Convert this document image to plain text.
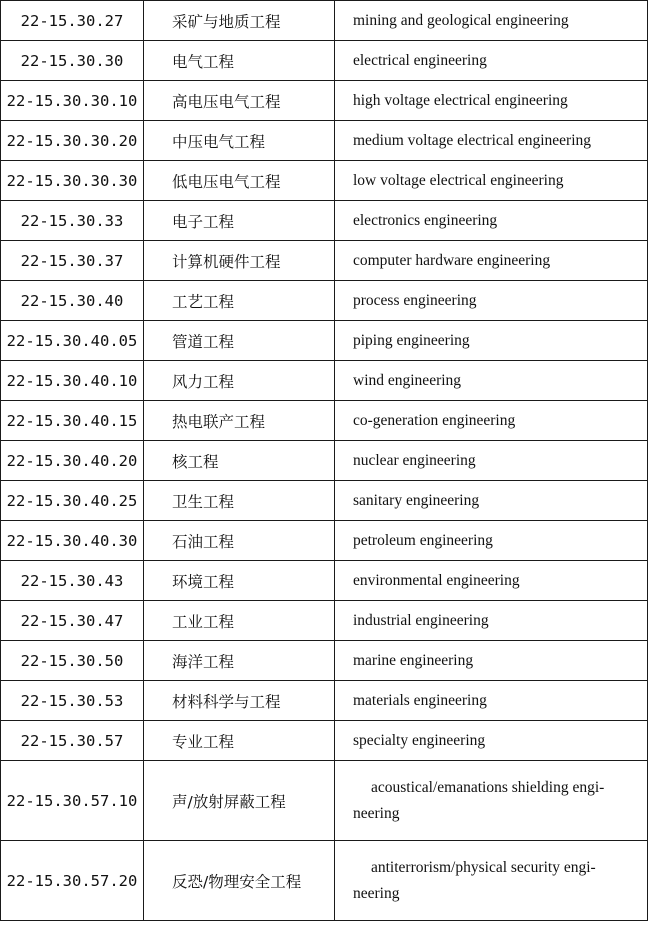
22-15.30.27	采矿与地质工程	mining and geological engineering
22-15.30.30	电气工程	electrical engineering
22-15.30.30.10	高电压电气工程	high voltage electrical engineering
22-15.30.30.20	中压电气工程	medium voltage electrical engineering
22-15.30.30.30	低电压电气工程	low voltage electrical engineering
22-15.30.33	电子工程	electronics engineering
22-15.30.37	计算机硬件工程	computer hardware engineering
22-15.30.40	工艺工程	process engineering
22-15.30.40.05	管道工程	piping engineering
22-15.30.40.10	风力工程	wind engineering
22-15.30.40.15	热电联产工程	co-generation engineering
22-15.30.40.20	核工程	nuclear engineering
22-15.30.40.25	卫生工程	sanitary engineering
22-15.30.40.30	石油工程	petroleum engineering
22-15.30.43	环境工程	environmental engineering
22-15.30.47	工业工程	industrial engineering
22-15.30.50	海洋工程	marine engineering
22-15.30.53	材料科学与工程	materials engineering
22-15.30.57	专业工程	specialty engineering
22-15.30.57.10	声/放射屏蔽工程	acoustical/emanations shielding engi-
neering

22-15.30.57.20	反恐/物理安全工程	antiterrorism/physical security engi-
neering
